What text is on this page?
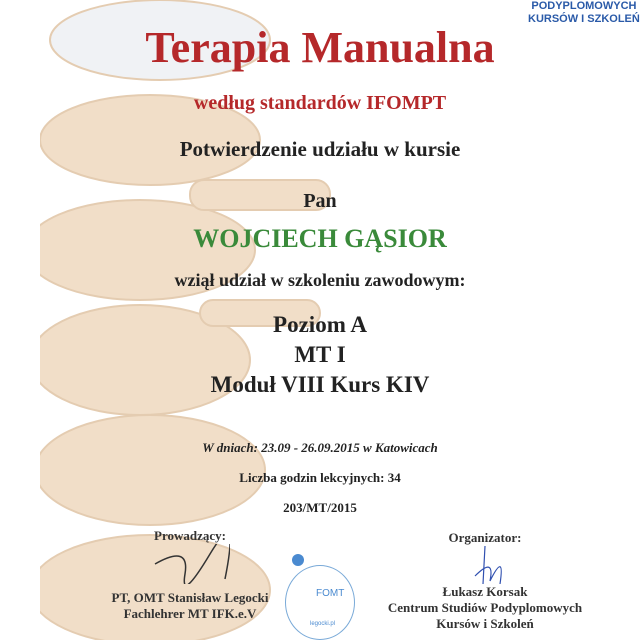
PODYPLOMOWYCH
KURSÓW I SZKOLEŃ
Terapia Manualna
według standardów IFOMPT
Potwierdzenie udziału w kursie
Pan
WOJCIECH GĄSIOR
wziął udział w szkoleniu zawodowym:
Poziom A
MT I
Moduł VIII Kurs KIV
W dniach: 23.09 - 26.09.2015 w Katowicach
Liczba godzin lekcyjnych: 34
203/MT/2015
Prowadzący:
PT, OMT Stanisław Legocki
Fachlehrer MT IFK.e.V
FOMT
legocki.pl
Organizator:
Łukasz Korsak
Centrum Studiów Podyplomowych
Kursów i Szkoleń
